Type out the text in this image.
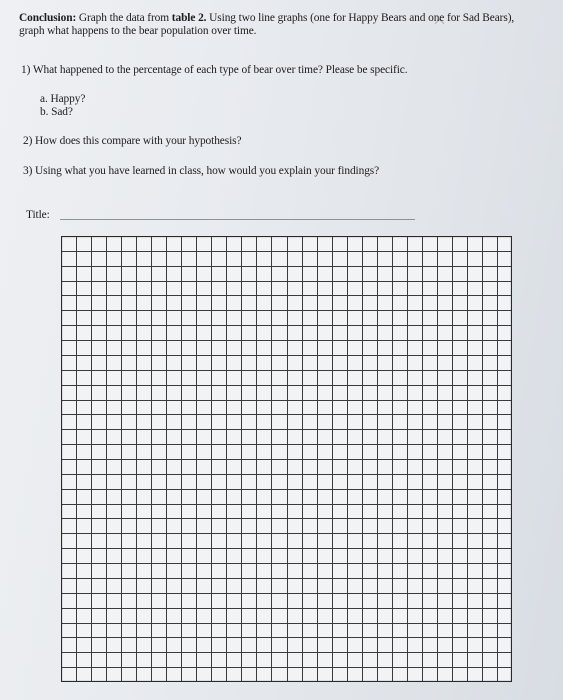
Conclusion: Graph the data from table 2. Using two line graphs (one for Happy Bears and one for Sad Bears), graph what happens to the bear population over time.
1) What happened to the percentage of each type of bear over time? Please be specific.
a. Happy?
b. Sad?
2) How does this compare with your hypothesis?
3) Using what you have learned in class, how would you explain your findings?
Title:
